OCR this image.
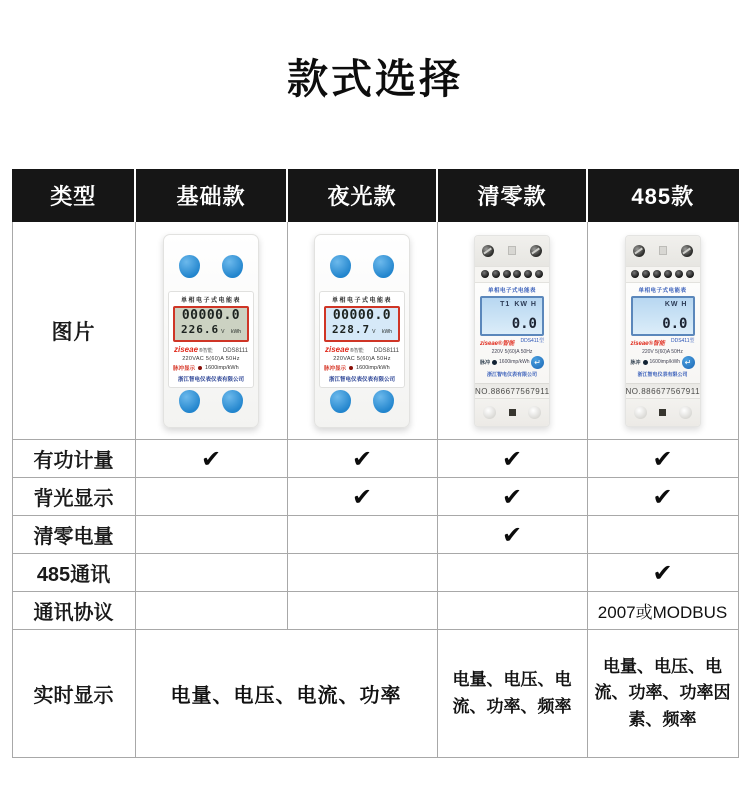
款式选择
类型	基础款	夜光款	清零款	485款
图片	
单相电子式电能表
00000.0
226.6 V kWh
ziseae ®智能 DDS8111
220VAC 5(60)A 50Hz
脉冲显示 1600imp/kWh
浙江智电仪表仪表有限公司

单相电子式电能表
00000.0
228.7 V kWh
ziseae ®智能 DDS8111
220VAC 5(60)A 50Hz
脉冲显示 1600imp/kWh
浙江智电仪表仪表有限公司

单相电子式电能表
T1 KW H
0.0
ziseae®智能 DDS411型
220V 5(60)A 50Hz
脉冲 1600imp/kWh ↵
浙江智电仪表有限公司
NO.886677567911

单相电子式电能表
KW H
0.0
ziseae®智能 DDS411型
220V 5(60)A 50Hz
脉冲 1600imp/kWh ↵
浙江智电仪表有限公司
NO.886677567911

有功计量	✔	✔	✔	✔
背光显示		✔	✔	✔
清零电量			✔	
485通讯				✔
通讯协议				2007或MODBUS
实时显示	电量、电压、电流、功率		电量、电压、电流、功率、频率	电量、电压、电流、功率、功率因素、频率
